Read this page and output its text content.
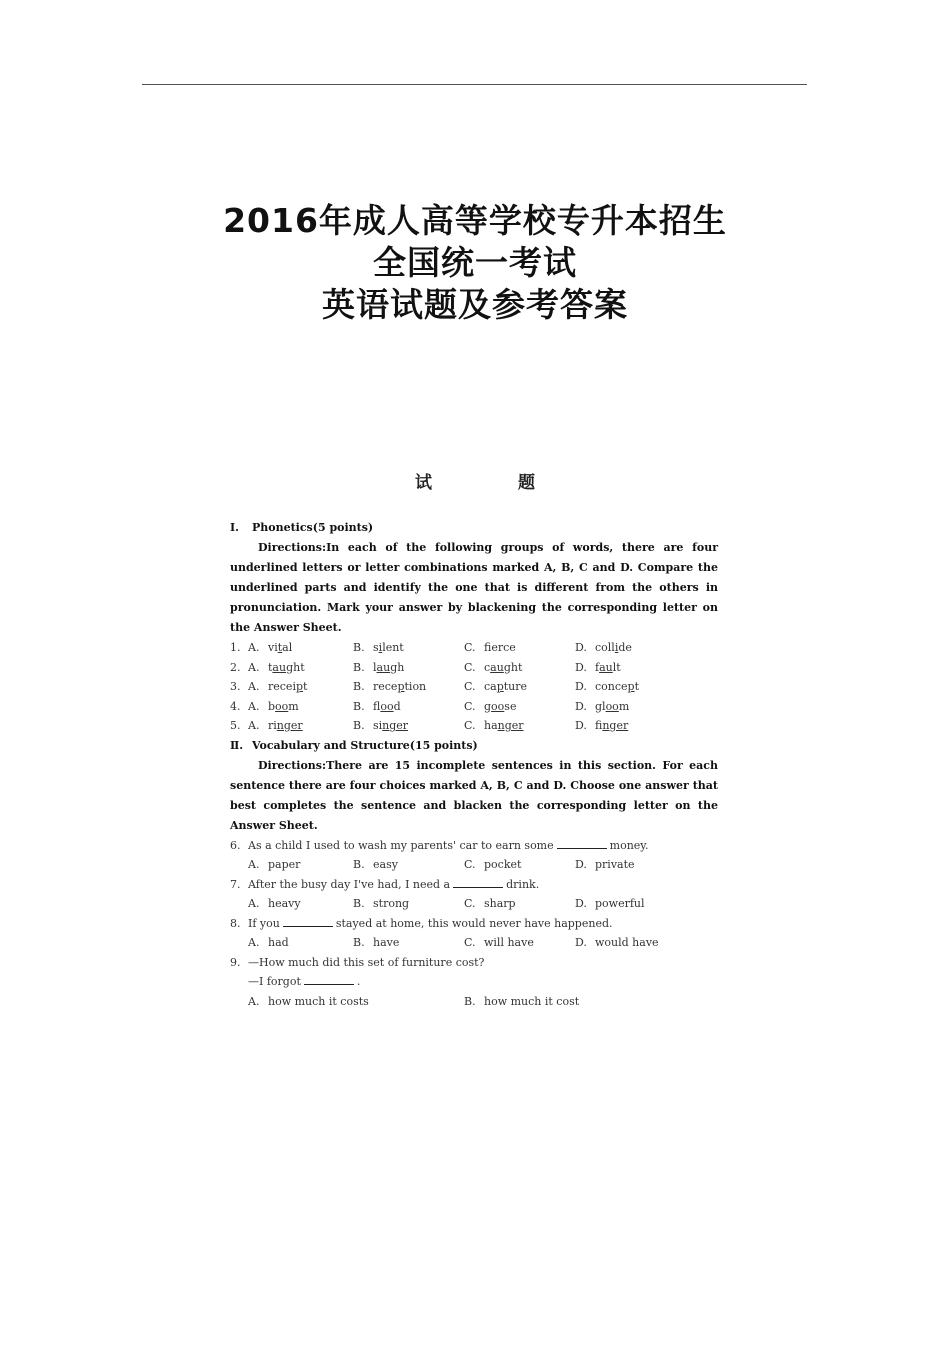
2016年成人高等学校专升本招生
全国统一考试
英语试题及参考答案
试 题
Ⅰ. Phonetics(5 points)
Directions:In each of the following groups of words, there are four underlined letters or letter combinations marked A, B, C and D. Compare the underlined parts and identify the one that is different from the others in pronunciation. Mark your answer by blackening the corresponding letter on the Answer Sheet.
1. A. vital	B. silent	C. ferce	D. collide
2. A. taught	B. laugh	C. caught	D. fault
3. A. receipt	B. reception	C. capture	D. concept
4. A. boom	B. flood	C. goose	D. gloom
5. A. ringer	B. singer	C. hanger	D. finger
Ⅱ. Vocabulary and Structure(15 points)
Directions:There are 15 incomplete sentences in this section. For each sentence there are four choices marked A, B, C and D. Choose one answer that best completes the sentence and blacken the corresponding letter on the Answer Sheet.
6. As a child I used to wash my parents' car to earn some	money.
A. paper	B. easy	C. pocket	D. private
7. After the busy day I've had, I need a	drink.
A. heavy	B. strong	C. sharp	D. powerful
8. If you	stayed at home, this would never have happened.
A. had	B. have	C. will have	D. would have
9. —How much did this set of furniture cost?
—I forgot	.
A. how much it costs	B. how much it cost
